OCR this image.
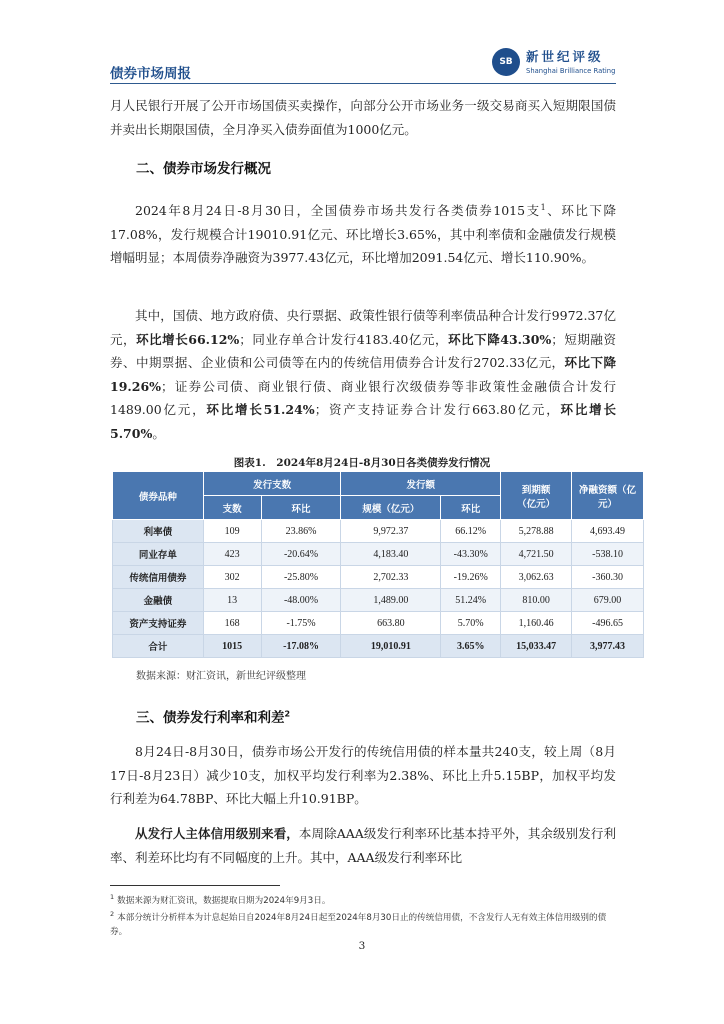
债券市场周报
SB	新世纪评级
Shanghai Brilliance Rating

月人民银行开展了公开市场国债买卖操作，向部分公开市场业务一级交易商买入短期限国债并卖出长期限国债，全月净买入债券面值为1000亿元。

二、债券市场发行概况

2024年8月24日-8月30日，全国债券市场共发行各类债券1015支$^1$、环比下降17.08%，发行规模合计19010.91亿元、环比增长3.65%，其中利率债和金融债发行规模增幅明显；本周债券净融资为3977.43亿元，环比增加2091.54亿元、增长110.90%。

其中，国债、地方政府债、央行票据、政策性银行债等利率债品种合计发行9972.37亿元，环比增长66.12%；同业存单合计发行4183.40亿元，环比下降43.30%；短期融资券、中期票据、企业债和公司债等在内的传统信用债券合计发行2702.33亿元，环比下降19.26%；证券公司债、商业银行债、商业银行次级债券等非政策性金融债合计发行1489.00亿元，环比增长51.24%；资产支持证券合计发行663.80亿元，环比增长5.70%。

图表1.　2024年8月24日-8月30日各类债券发行情况
债券品种	发行支数		发行额		到期额（亿元）	净融资额（亿元）
	支数	环比	规模（亿元）	环比		
利率债	109	23.86%	9,972.37	66.12%	5,278.88	4,693.49
同业存单	423	-20.64%	4,183.40	-43.30%	4,721.50	-538.10
传统信用债券	302	-25.80%	2,702.33	-19.26%	3,062.63	-360.30
金融债	13	-48.00%	1,489.00	51.24%	810.00	679.00
资产支持证券	168	-1.75%	663.80	5.70%	1,160.46	-496.65
合计	1015	-17.08%	19,010.91	3.65%	15,033.47	3,977.43
数据来源：财汇资讯，新世纪评级整理
三、债券发行利率和利差$^2$

8月24日-8月30日，债券市场公开发行的传统信用债的样本量共240支，较上周（8月17日-8月23日）减少10支，加权平均发行利率为2.38%、环比上升5.15BP，加权平均发行利差为64.78BP、环比大幅上升10.91BP。

从发行人主体信用级别来看，本周除AAA级发行利率环比基本持平外，其余级别发行利率、利差环比均有不同幅度的上升。其中，AAA级发行利率环比

$^1$ 数据来源为财汇资讯，数据提取日期为2024年9月3日。
$^2$ 本部分统计分析样本为计息起始日自2024年8月24日起至2024年8月30日止的传统信用债，不含发行人无有效主体信用级别的债券。
3
